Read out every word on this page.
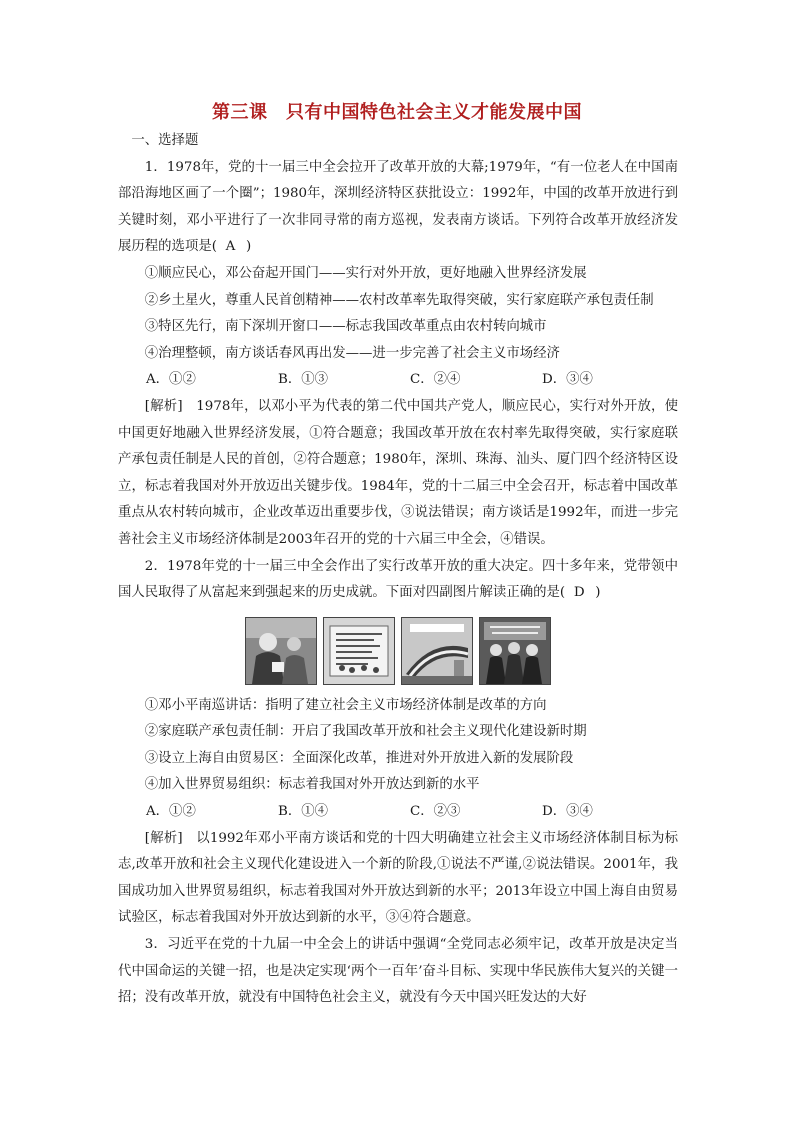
第三课　只有中国特色社会主义才能发展中国

一、选择题

1．1978年，党的十一届三中全会拉开了改革开放的大幕;1979年，“有一位老人在中国南部沿海地区画了一个圈”；1980年，深圳经济特区获批设立：1992年，中国的改革开放进行到关键时刻，邓小平进行了一次非同寻常的南方巡视，发表南方谈话。下列符合改革开放经济发展历程的选项是(  A  )

①顺应民心，邓公奋起开国门——实行对外开放，更好地融入世界经济发展

②乡土星火，尊重人民首创精神——农村改革率先取得突破，实行家庭联产承包责任制

③特区先行，南下深圳开窗口——标志我国改革重点由农村转向城市

④治理整顿，南方谈话春风再出发——进一步完善了社会主义市场经济

A．①②	B．①③	C．②④	D．③④

[解析]　1978年，以邓小平为代表的第二代中国共产党人，顺应民心，实行对外开放，使中国更好地融入世界经济发展，①符合题意；我国改革开放在农村率先取得突破，实行家庭联产承包责任制是人民的首创，②符合题意；1980年，深圳、珠海、汕头、厦门四个经济特区设立，标志着我国对外开放迈出关键步伐。1984年，党的十二届三中全会召开，标志着中国改革重点从农村转向城市，企业改革迈出重要步伐，③说法错误；南方谈话是1992年，而进一步完善社会主义市场经济体制是2003年召开的党的十六届三中全会，④错误。

2．1978年党的十一届三中全会作出了实行改革开放的重大决定。四十多年来，党带领中国人民取得了从富起来到强起来的历史成就。下面对四副图片解读正确的是(  D  )

①邓小平南巡讲话：指明了建立社会主义市场经济体制是改革的方向

②家庭联产承包责任制：开启了我国改革开放和社会主义现代化建设新时期

③设立上海自由贸易区：全面深化改革，推进对外开放进入新的发展阶段

④加入世界贸易组织：标志着我国对外开放达到新的水平

A．①②	B．①④	C．②③	D．③④

[解析]　以1992年邓小平南方谈话和党的十四大明确建立社会主义市场经济体制目标为标志,改革开放和社会主义现代化建设进入一个新的阶段,①说法不严谨,②说法错误。2001年，我国成功加入世界贸易组织，标志着我国对外开放达到新的水平；2013年设立中国上海自由贸易试验区，标志着我国对外开放达到新的水平，③④符合题意。

3．习近平在党的十九届一中全会上的讲话中强调“全党同志必须牢记，改革开放是决定当代中国命运的关键一招，也是决定实现‘两个一百年’奋斗目标、实现中华民族伟大复兴的关键一招；没有改革开放，就没有中国特色社会主义，就没有今天中国兴旺发达的大好
